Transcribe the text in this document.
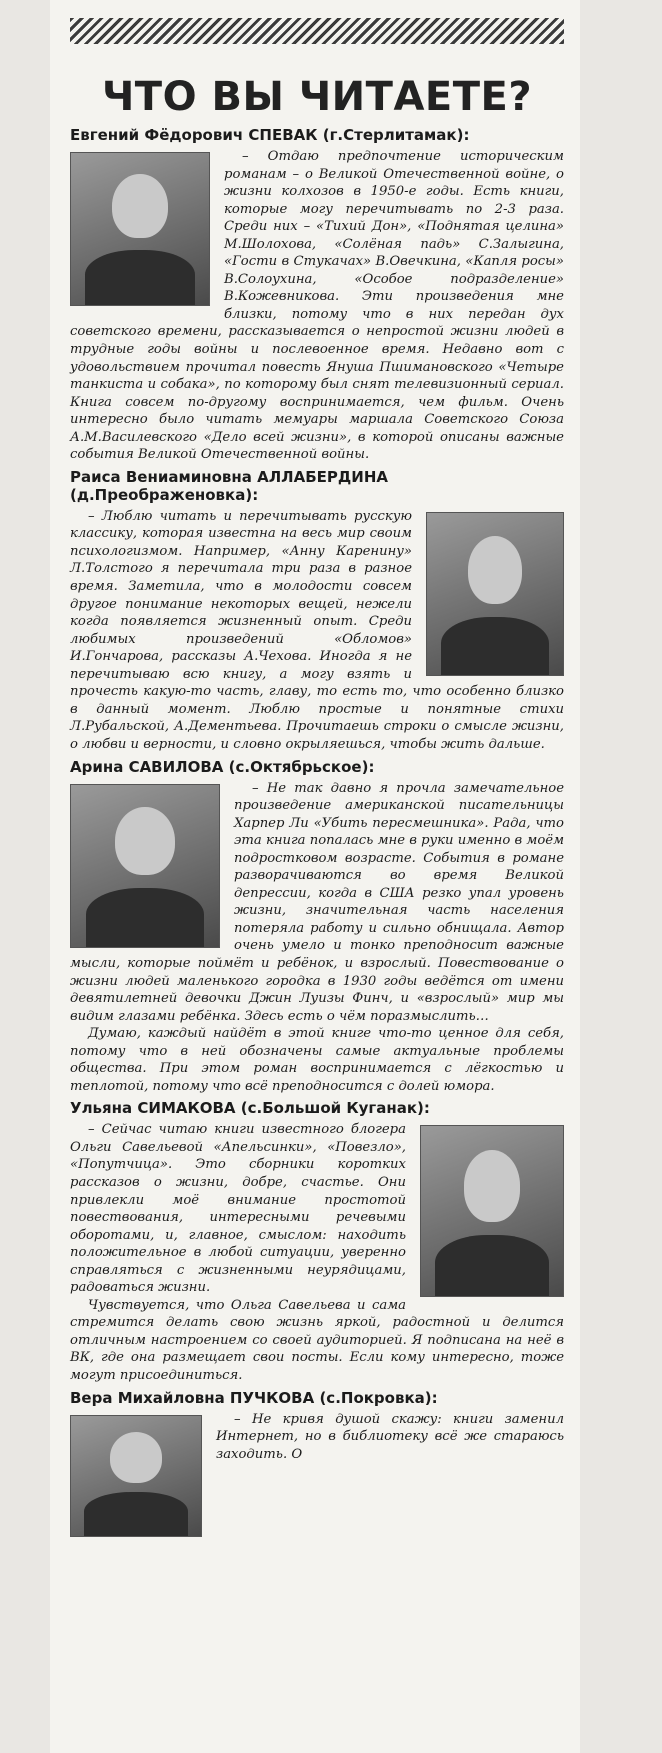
ЧТО ВЫ ЧИТАЕТЕ?
Евгений Фёдорович СПЕВАК (г.Стерлитамак):

– Отдаю предпочтение историческим романам – о Великой Отечественной войне, о жизни колхозов в 1950-е годы. Есть книги, которые могу перечитывать по 2-3 раза. Среди них – «Тихий Дон», «Поднятая целина» М.Шолохова, «Солёная падь» С.Залыгина, «Гости в Стукачах» В.Овечкина, «Капля росы» В.Солоухина, «Особое подразделение» В.Кожевникова. Эти произведения мне близки, потому что в них передан дух советского времени, рассказывается о непростой жизни людей в трудные годы войны и послевоенное время. Недавно вот с удовольствием прочитал повесть Януша Пшимановского «Четыре танкиста и собака», по которому был снят телевизионный сериал. Книга совсем по-другому воспринимается, чем фильм. Очень интересно было читать мемуары маршала Советского Союза А.М.Василевского «Дело всей жизни», в которой описаны важные события Великой Отечественной войны.

Раиса Вениаминовна АЛЛАБЕРДИНА (д.Преображеновка):

– Люблю читать и перечитывать русскую классику, которая известна на весь мир своим психологизмом. Например, «Анну Каренину» Л.Толстого я перечитала три раза в разное время. Заметила, что в молодости совсем другое понимание некоторых вещей, нежели когда появляется жизненный опыт. Среди любимых произведений «Обломов» И.Гончарова, рассказы А.Чехова. Иногда я не перечитываю всю книгу, а могу взять и прочесть какую-то часть, главу, то есть то, что особенно близко в данный момент. Люблю простые и понятные стихи Л.Рубальской, А.Дементьева. Прочитаешь строки о смысле жизни, о любви и верности, и словно окрыляешься, чтобы жить дальше.

Арина САВИЛОВА (с.Октябрьское):

– Не так давно я прочла замечательное произведение американской писательницы Харпер Ли «Убить пересмешника». Рада, что эта книга попалась мне в руки именно в моём подростковом возрасте. События в романе разворачиваются во время Великой депрессии, когда в США резко упал уровень жизни, значительная часть населения потеряла работу и сильно обнищала. Автор очень умело и тонко преподносит важные мысли, которые поймёт и ребёнок, и взрослый. Повествование о жизни людей маленького городка в 1930 годы ведётся от имени девятилетней девочки Джин Луизы Финч, и «взрослый» мир мы видим глазами ребёнка. Здесь есть о чём поразмыслить…

Думаю, каждый найдёт в этой книге что-то ценное для себя, потому что в ней обозначены самые актуальные проблемы общества. При этом роман воспринимается с лёгкостью и теплотой, потому что всё преподносится с долей юмора.

Ульяна СИМАКОВА (с.Большой Куганак):

– Сейчас читаю книги известного блогера Ольги Савельевой «Апельсинки», «Повезло», «Попутчица». Это сборники коротких рассказов о жизни, добре, счастье. Они привлекли моё внимание простотой повествования, интересными речевыми оборотами, и, главное, смыслом: находить положительное в любой ситуации, уверенно справляться с жизненными неурядицами, радоваться жизни.

Чувствуется, что Ольга Савельева и сама стремится делать свою жизнь яркой, радостной и делится отличным настроением со своей аудиторией. Я подписана на неё в ВК, где она размещает свои посты. Если кому интересно, тоже могут присоединиться.

Вера Михайловна ПУЧКОВА (с.Покровка):

– Не кривя душой скажу: книги заменил Интернет, но в библиотеку всё же стараюсь заходить. О
